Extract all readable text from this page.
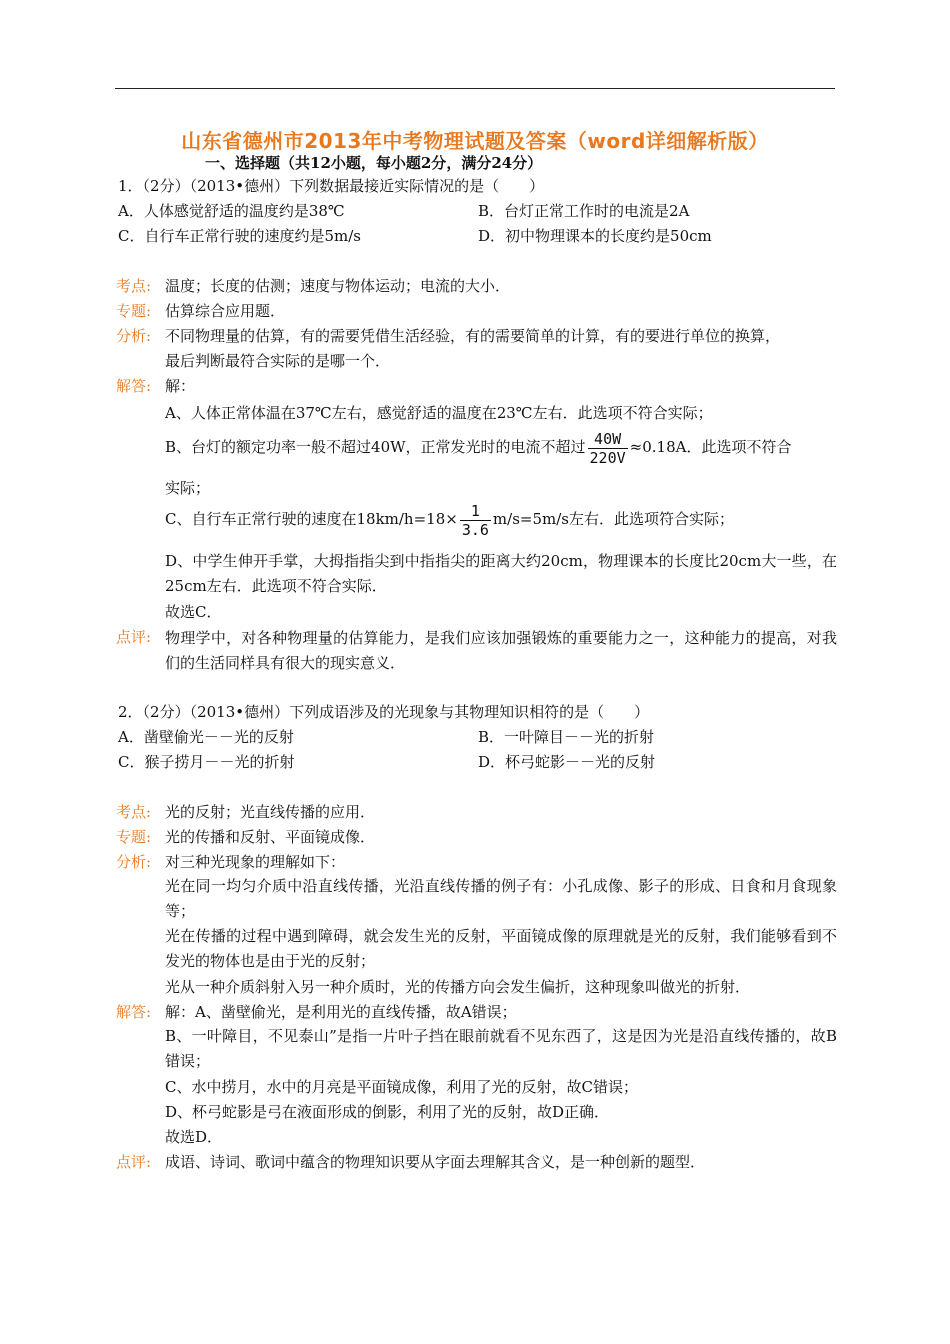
山东省德州市2013年中考物理试题及答案（word详细解析版）
一、选择题（共12小题，每小题2分，满分24分）
1．（2分）（2013•德州）下列数据最接近实际情况的是（　　）
A．人体感觉舒适的温度约是38℃	B．台灯正常工作时的电流是2A
C．自行车正常行驶的速度约是5m/s	D．初中物理课本的长度约是50cm
考点: 温度；长度的估测；速度与物体运动；电流的大小．
专题: 估算综合应用题．
分析: 不同物理量的估算，有的需要凭借生活经验，有的需要简单的计算，有的要进行单位的换算，
最后判断最符合实际的是哪一个．
解答: 解：
A、人体正常体温在37℃左右，感觉舒适的温度在23℃左右．此选项不符合实际；
B、台灯的额定功率一般不超过40W，正常发光时的电流不超过 $\frac{40W}{220V} \approx 0.18A$．此选项不符合
实际；
C、自行车正常行驶的速度在$18km/h=18\times \frac{1}{3.6} m/s=5m/s$左右．此选项符合实际；
D、中学生伸开手掌，大拇指指尖到中指指尖的距离大约20cm，物理课本的长度比20cm大一些，在25cm左右．此选项不符合实际．
故选C．
点评: 物理学中，对各种物理量的估算能力，是我们应该加强锻炼的重要能力之一，这种能力的提高，对我们的生活同样具有很大的现实意义．
2．（2分）（2013•德州）下列成语涉及的光现象与其物理知识相符的是（　　）
A．凿壁偷光－－光的反射	B．一叶障目－－光的折射
C．猴子捞月－－光的折射	D．杯弓蛇影－－光的反射
考点: 光的反射；光直线传播的应用．
专题: 光的传播和反射、平面镜成像．
分析: 对三种光现象的理解如下：
光在同一均匀介质中沿直线传播，光沿直线传播的例子有：小孔成像、影子的形成、日食和月食现象等；
光在传播的过程中遇到障碍，就会发生光的反射，平面镜成像的原理就是光的反射，我们能够看到不发光的物体也是由于光的反射；
光从一种介质斜射入另一种介质时，光的传播方向会发生偏折，这种现象叫做光的折射．
解答: 解：A、凿壁偷光，是利用光的直线传播，故A错误；
B、一叶障目，不见泰山”是指一片叶子挡在眼前就看不见东西了，这是因为光是沿直线传播的，故B错误；
C、水中捞月，水中的月亮是平面镜成像，利用了光的反射，故C错误；
D、杯弓蛇影是弓在液面形成的倒影，利用了光的反射，故D正确．
故选D．
点评: 成语、诗词、歌词中蕴含的物理知识要从字面去理解其含义，是一种创新的题型．
